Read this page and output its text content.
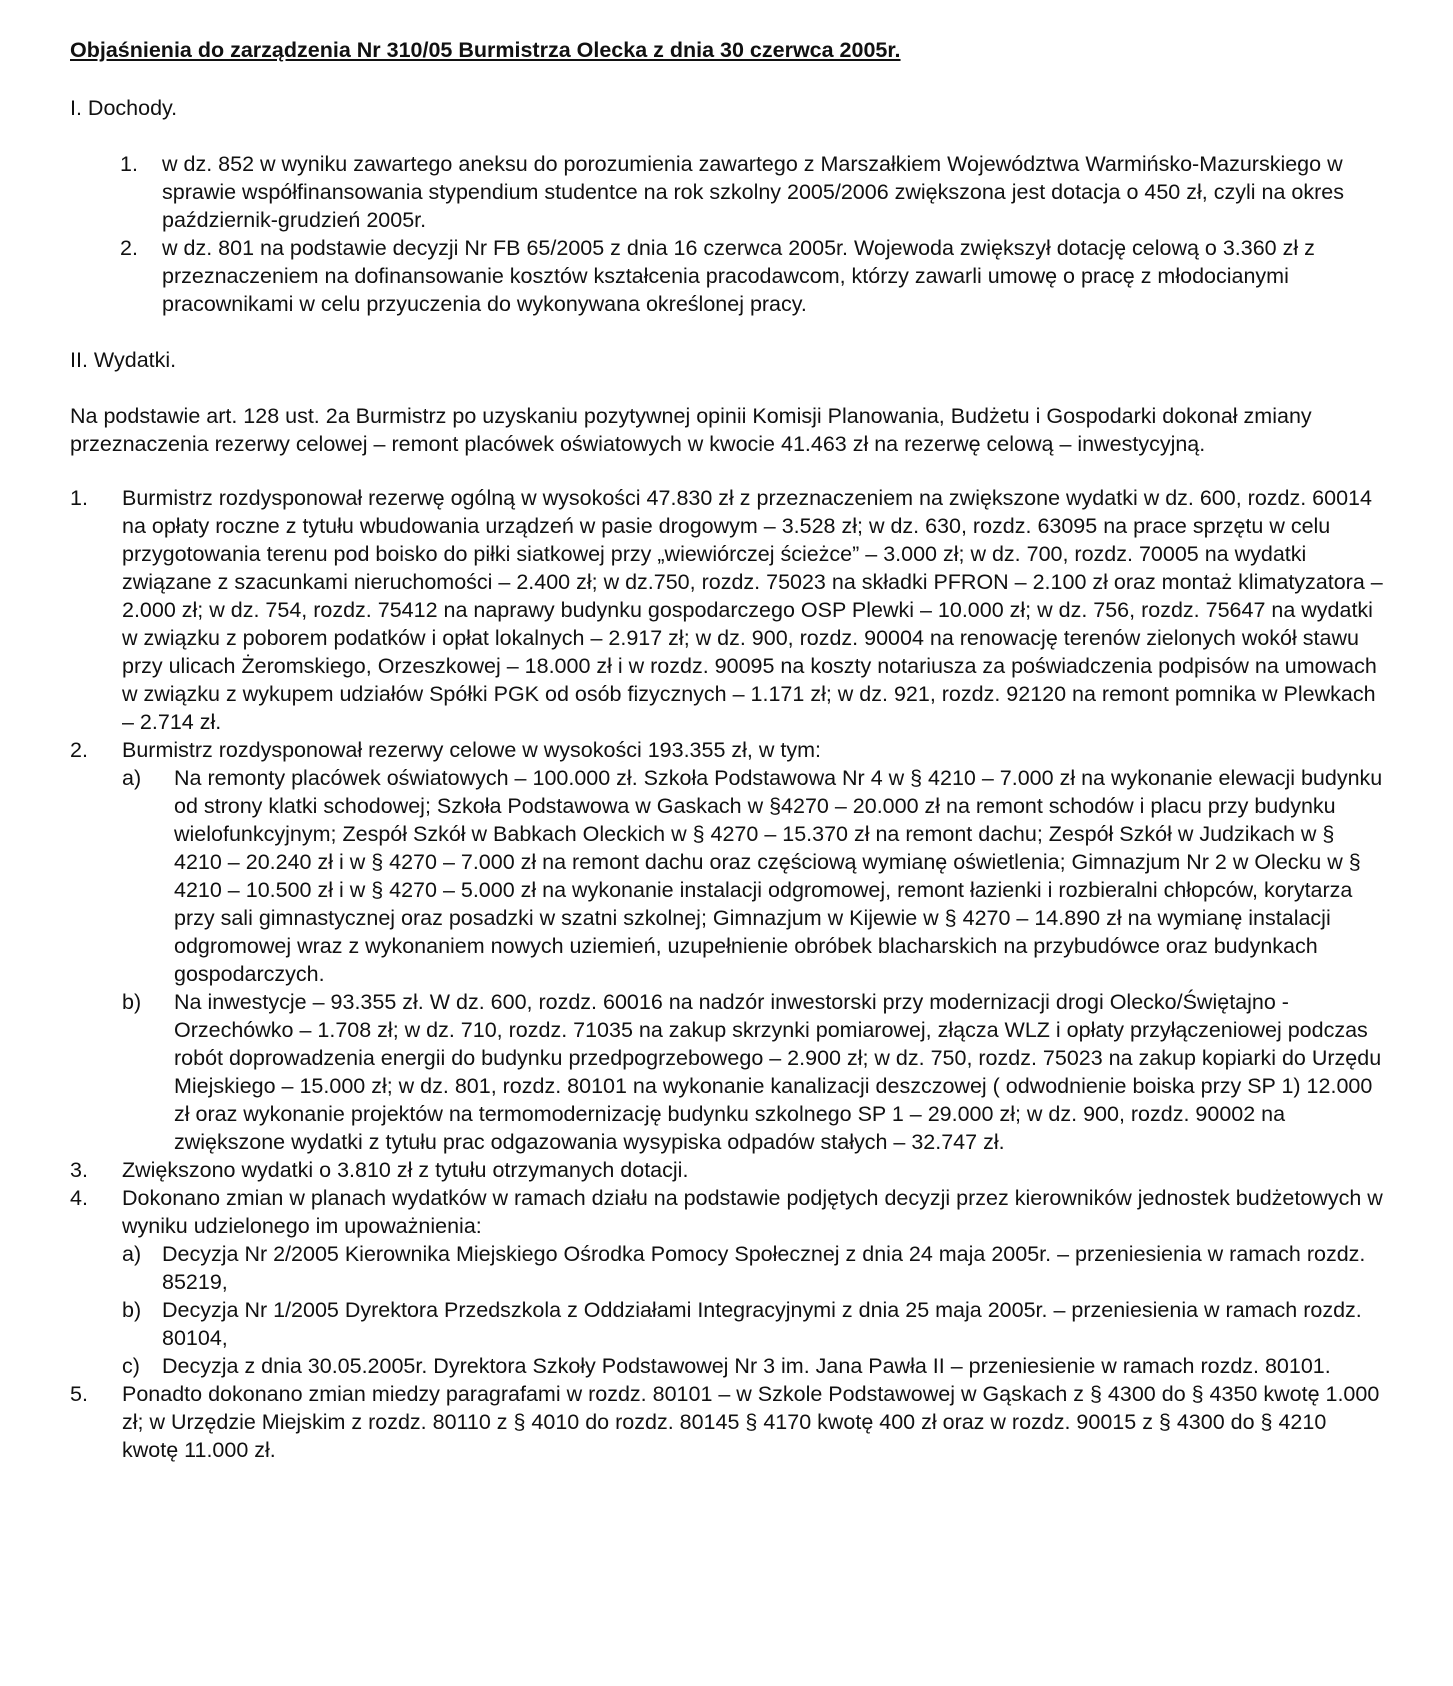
Objaśnienia do zarządzenia Nr 310/05 Burmistrza Olecka z dnia 30 czerwca 2005r.

I. Dochody.

1.	w dz. 852 w wyniku zawartego aneksu do porozumienia zawartego z Marszałkiem Województwa Warmińsko-Mazurskiego w sprawie współfinansowania stypendium studentce na rok szkolny 2005/2006 zwiększona jest dotacja o 450 zł, czyli na okres październik-grudzień 2005r.
2.	w dz. 801 na podstawie decyzji Nr FB 65/2005 z dnia 16 czerwca 2005r. Wojewoda zwiększył dotację celową o 3.360 zł z przeznaczeniem na dofinansowanie kosztów kształcenia pracodawcom, którzy zawarli umowę o pracę z młodocianymi pracownikami w celu przyuczenia do wykonywana określonej pracy.

II. Wydatki.

Na podstawie art. 128 ust. 2a Burmistrz po uzyskaniu pozytywnej opinii Komisji Planowania, Budżetu i Gospodarki dokonał zmiany przeznaczenia rezerwy celowej – remont placówek oświatowych w kwocie 41.463 zł na rezerwę celową – inwestycyjną.

1.	Burmistrz rozdysponował rezerwę ogólną w wysokości 47.830 zł z przeznaczeniem na zwiększone wydatki w dz. 600, rozdz. 60014 na opłaty roczne z tytułu wbudowania urządzeń w pasie drogowym – 3.528 zł; w dz. 630, rozdz. 63095 na prace sprzętu w celu przygotowania terenu pod boisko do piłki siatkowej przy „wiewiórczej ścieżce” – 3.000 zł; w dz. 700, rozdz. 70005 na wydatki związane z szacunkami nieruchomości – 2.400 zł; w dz.750, rozdz. 75023 na składki PFRON – 2.100 zł oraz montaż klimatyzatora – 2.000 zł; w dz. 754, rozdz. 75412 na naprawy budynku gospodarczego OSP Plewki – 10.000 zł; w dz. 756, rozdz. 75647 na wydatki w związku z poborem podatków i opłat lokalnych – 2.917 zł; w dz. 900, rozdz. 90004 na renowację terenów zielonych wokół stawu przy ulicach Żeromskiego, Orzeszkowej – 18.000 zł i w rozdz. 90095 na koszty notariusza za poświadczenia podpisów na umowach w związku z wykupem udziałów Spółki PGK od osób fizycznych – 1.171 zł; w dz. 921, rozdz. 92120 na remont pomnika w Plewkach – 2.714 zł.
2.	Burmistrz rozdysponował rezerwy celowe w wysokości 193.355 zł, w tym:
a)	Na remonty placówek oświatowych – 100.000 zł. Szkoła Podstawowa Nr 4 w § 4210 – 7.000 zł na wykonanie elewacji budynku od strony klatki schodowej; Szkoła Podstawowa w Gaskach w §4270 – 20.000 zł na remont schodów i placu przy budynku wielofunkcyjnym; Zespół Szkół w Babkach Oleckich w § 4270 – 15.370 zł na remont dachu; Zespół Szkół w Judzikach w § 4210 – 20.240 zł i w § 4270 – 7.000 zł na remont dachu oraz częściową wymianę oświetlenia; Gimnazjum Nr 2 w Olecku w § 4210 – 10.500 zł i w § 4270 – 5.000 zł na wykonanie instalacji odgromowej, remont łazienki i rozbieralni chłopców, korytarza przy sali gimnastycznej oraz posadzki w szatni szkolnej; Gimnazjum w Kijewie w § 4270 – 14.890 zł na wymianę instalacji odgromowej wraz z wykonaniem nowych uziemień, uzupełnienie obróbek blacharskich na przybudówce oraz budynkach gospodarczych.
b)	Na inwestycje – 93.355 zł. W dz. 600, rozdz. 60016 na nadzór inwestorski przy modernizacji drogi Olecko/Świętajno - Orzechówko – 1.708 zł; w dz. 710, rozdz. 71035 na zakup skrzynki pomiarowej, złącza WLZ i opłaty przyłączeniowej podczas robót doprowadzenia energii do budynku przedpogrzebowego – 2.900 zł; w dz. 750, rozdz. 75023 na zakup kopiarki do Urzędu Miejskiego – 15.000 zł; w dz. 801, rozdz. 80101 na wykonanie kanalizacji deszczowej ( odwodnienie boiska przy SP 1) 12.000 zł oraz wykonanie projektów na termomodernizację budynku szkolnego SP 1 – 29.000 zł; w dz. 900, rozdz. 90002 na zwiększone wydatki z tytułu prac odgazowania wysypiska odpadów stałych – 32.747 zł.
3.	Zwiększono wydatki o 3.810 zł z tytułu otrzymanych dotacji.
4.	Dokonano zmian w planach wydatków w ramach działu na podstawie podjętych decyzji przez kierowników jednostek budżetowych w wyniku udzielonego im upoważnienia:
a) Decyzja Nr 2/2005 Kierownika Miejskiego Ośrodka Pomocy Społecznej z dnia 24 maja 2005r. – przeniesienia w ramach rozdz. 85219,
b) Decyzja Nr 1/2005 Dyrektora Przedszkola z Oddziałami Integracyjnymi z dnia 25 maja 2005r. – przeniesienia w ramach rozdz. 80104,
c)	Decyzja z dnia 30.05.2005r. Dyrektora Szkoły Podstawowej Nr 3 im. Jana Pawła II – przeniesienie w ramach rozdz. 80101.
5.	Ponadto dokonano zmian miedzy paragrafami w rozdz. 80101 – w Szkole Podstawowej w Gąskach z § 4300 do § 4350 kwotę 1.000 zł; w Urzędzie Miejskim z rozdz. 80110 z § 4010 do rozdz. 80145 § 4170 kwotę 400 zł oraz w rozdz. 90015 z § 4300 do § 4210 kwotę 11.000 zł.
